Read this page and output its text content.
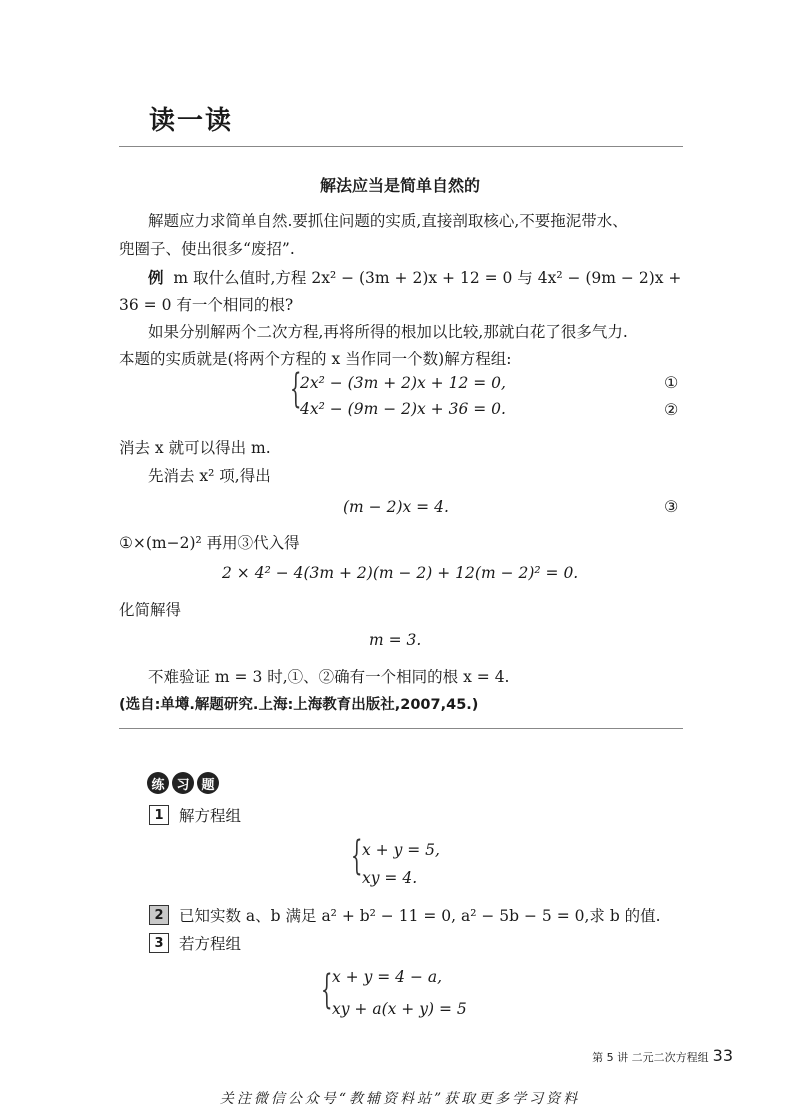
读一读
解法应当是简单自然的
解题应力求简单自然.要抓住问题的实质,直接剖取核心,不要拖泥带水、
兜圈子、使出很多“废招”.
例 m 取什么值时,方程 2x² − (3m + 2)x + 12 = 0 与 4x² − (9m − 2)x +
36 = 0 有一个相同的根?
如果分别解两个二次方程,再将所得的根加以比较,那就白花了很多气力.
本题的实质就是(将两个方程的 x 当作同一个数)解方程组:
{
2x² − (3m + 2)x + 12 = 0,	①
4x² − (9m − 2)x + 36 = 0.	②
消去 x 就可以得出 m.
先消去 x² 项,得出
(m − 2)x = 4.	③
①×(m−2)² 再用③代入得
2 × 4² − 4(3m + 2)(m − 2) + 12(m − 2)² = 0.
化简解得
m = 3.
不难验证 m = 3 时,①、②确有一个相同的根 x = 4.
(选自:单墫.解题研究.上海:上海教育出版社,2007,45.)
练 习 题
1 解方程组
{ x + y = 5,
xy = 4.
2 已知实数 a、b 满足 a² + b² − 11 = 0, a² − 5b − 5 = 0,求 b 的值.
3 若方程组
{ x + y = 4 − a,
xy + a(x + y) = 5
第 5 讲 二元二次方程组 33
关注微信公众号“教辅资料站”获取更多学习资料
